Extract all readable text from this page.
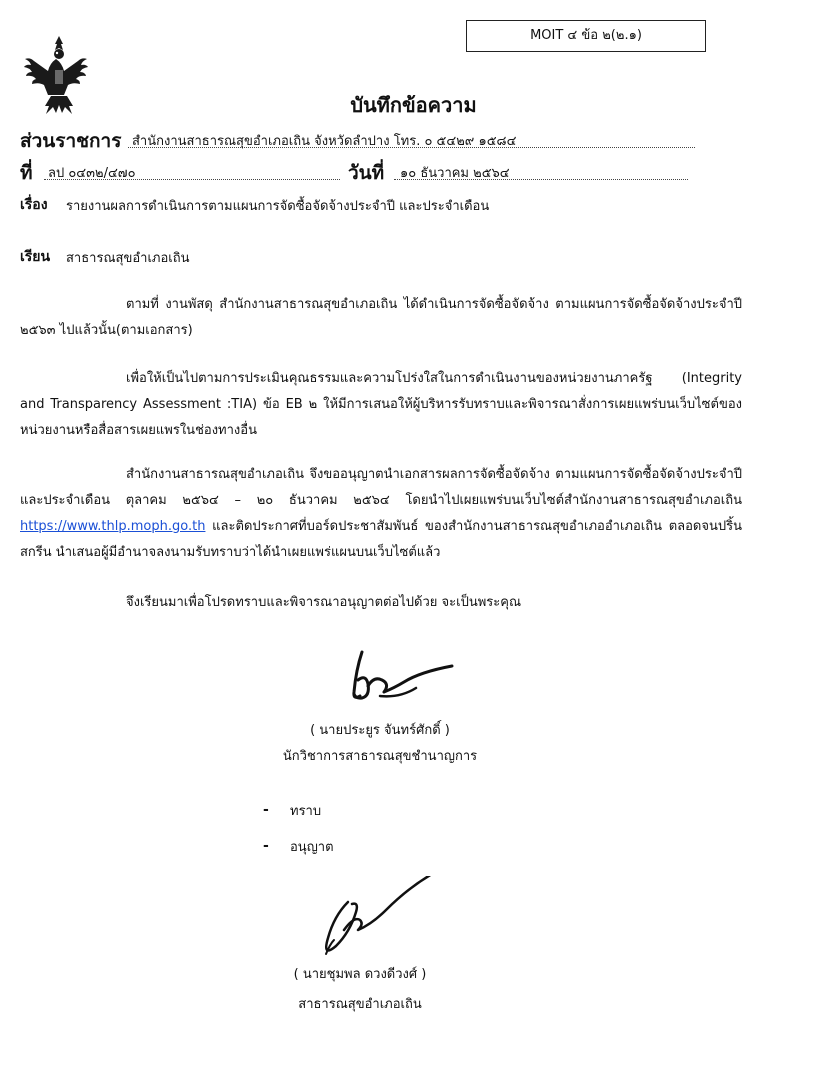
MOIT ๔ ข้อ ๒(๒.๑)
บันทึกข้อความ
ส่วนราชการ สำนักงานสาธารณสุขอำเภอเถิน จังหวัดลำปาง โทร. ๐ ๕๔๒๙ ๑๕๘๔
ที่ ลป ๐๔๓๒/๔๗๐	วันที่ ๑๐ ธันวาคม ๒๕๖๔
เรื่อง รายงานผลการดำเนินการตามแผนการจัดซื้อจัดจ้างประจำปี และประจำเดือน
เรียน สาธารณสุขอำเภอเถิน
ตามที่ งานพัสดุ สำนักงานสาธารณสุขอำเภอเถิน ได้ดำเนินการจัดซื้อจัดจ้าง ตามแผนการจัดซื้อจัดจ้างประจำปี ๒๕๖๓ ไปแล้วนั้น(ตามเอกสาร)
เพื่อให้เป็นไปตามการประเมินคุณธรรมและความโปร่งใสในการดำเนินงานของหน่วยงานภาครัฐ (Integrity and Transparency Assessment :TIA) ข้อ EB ๒ ให้มีการเสนอให้ผู้บริหารรับทราบและพิจารณาสั่งการเผยแพร่บนเว็บไซต์ของหน่วยงานหรือสื่อสารเผยแพรในช่องทางอื่น
สำนักงานสาธารณสุขอำเภอเถิน จึงขออนุญาตนำเอกสารผลการจัดซื้อจัดจ้าง ตามแผนการจัดซื้อจัดจ้างประจำปี และประจำเดือน ตุลาคม ๒๕๖๔ – ๒๐ ธันวาคม ๒๕๖๔ โดยนำไปเผยแพร่บนเว็บไซต์สำนักงานสาธารณสุขอำเภอเถิน https://www.thlp.moph.go.th และติดประกาศที่บอร์ดประชาสัมพันธ์ ของสำนักงานสาธารณสุขอำเภออำเภอเถิน ตลอดจนปริ้นสกรีน นำเสนอผู้มีอำนาจลงนามรับทราบว่าได้นำเผยแพร่แผนบนเว็บไซต์แล้ว
จึงเรียนมาเพื่อโปรดทราบและพิจารณาอนุญาตต่อไปด้วย จะเป็นพระคุณ
( นายประยูร จันทร์ศักดิ์ )
นักวิชาการสาธารณสุขชำนาญการ
- ทราบ
- อนุญาต
( นายชุมพล ดวงดีวงศ์ )
สาธารณสุขอำเภอเถิน
